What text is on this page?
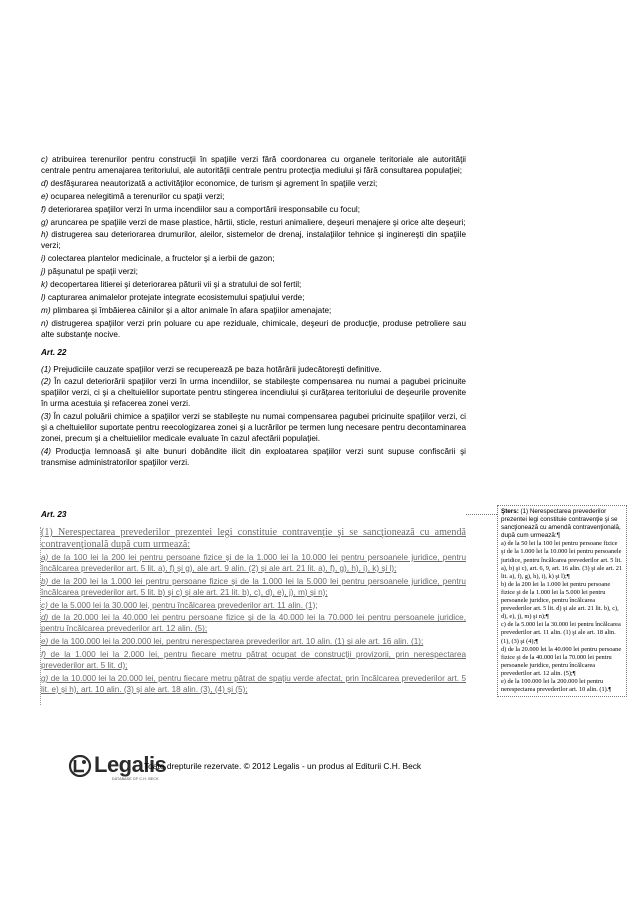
c) atribuirea terenurilor pentru construcţii în spaţiile verzi fără coordonarea cu organele teritoriale ale autorităţii centrale pentru amenajarea teritoriului, ale autorităţii centrale pentru protecţia mediului şi fără consultarea populaţiei;

d) desfăşurarea neautorizată a activităţilor economice, de turism şi agrement în spaţiile verzi;

e) ocuparea nelegitimă a terenurilor cu spaţii verzi;

f) deteriorarea spaţiilor verzi în urma incendiilor sau a comportării iresponsabile cu focul;

g) aruncarea pe spaţiile verzi de mase plastice, hârtii, sticle, resturi animaliere, deşeuri menajere şi orice alte deşeuri;

h) distrugerea sau deteriorarea drumurilor, aleilor, sistemelor de drenaj, instalaţiilor tehnice şi inginereşti din spaţiile verzi;

i) colectarea plantelor medicinale, a fructelor şi a ierbii de gazon;

j) păşunatul pe spaţii verzi;

k) decopertarea litierei şi deteriorarea păturii vii şi a stratului de sol fertil;

l) capturarea animalelor protejate integrate ecosistemului spaţiului verde;

m) plimbarea şi îmbăierea câinilor şi a altor animale în afara spaţiilor amenajate;

n) distrugerea spaţiilor verzi prin poluare cu ape reziduale, chimicale, deşeuri de producţie, produse petroliere sau alte substanţe nocive.

Art. 22

(1) Prejudiciile cauzate spaţiilor verzi se recuperează pe baza hotărârii judecătoreşti definitive.

(2) În cazul deteriorării spaţiilor verzi în urma incendiilor, se stabileşte compensarea nu numai a pagubei pricinuite spaţiilor verzi, ci şi a cheltuielilor suportate pentru stingerea incendiului şi curăţarea teritoriului de deşeurile provenite în urma acestuia şi refacerea zonei verzi.

(3) În cazul poluării chimice a spaţiilor verzi se stabileşte nu numai compensarea pagubei pricinuite spaţiilor verzi, ci şi a cheltuielilor suportate pentru reecologizarea zonei şi a lucrărilor pe termen lung necesare pentru decontaminarea zonei, precum şi a cheltuielilor medicale evaluate în cazul afectării populaţiei.

(4) Producţia lemnoasă şi alte bunuri dobândite ilicit din exploatarea spaţiilor verzi sunt supuse confiscării şi transmise administratorilor spaţiilor verzi.

Art. 23

(1) Nerespectarea prevederilor prezentei legi constituie contravenţie şi se sancţionează cu amendă contravenţională după cum urmează:

a) de la 100 lei la 200 lei pentru persoane fizice şi de la 1.000 lei la 10.000 lei pentru persoanele juridice, pentru încălcarea prevederilor art. 5 lit. a), f) şi g), ale art. 9 alin. (2) şi ale art. 21 lit. a), f), g), h), i), k) şi l);

b) de la 200 lei la 1.000 lei pentru persoane fizice şi de la 1.000 lei la 5.000 lei pentru persoanele juridice, pentru încălcarea prevederilor art. 5 lit. b) şi c) şi ale art. 21 lit. b), c), d), e), j), m) şi n);

c) de la 5.000 lei la 30.000 lei, pentru încălcarea prevederilor art. 11 alin. (1);

d) de la 20.000 lei la 40.000 lei pentru persoane fizice şi de la 40.000 lei la 70.000 lei pentru persoanele juridice, pentru încălcarea prevederilor art. 12 alin. (5);

e) de la 100.000 lei la 200.000 lei, pentru nerespectarea prevederilor art. 10 alin. (1) şi ale art. 16 alin. (1);

f) de la 1.000 lei la 2.000 lei, pentru fiecare metru pătrat ocupat de construcţii provizorii, prin nerespectarea prevederilor art. 5 lit. d);

g) de la 10.000 lei la 20.000 lei, pentru fiecare metru pătrat de spaţiu verde afectat, prin încălcarea prevederilor art. 5 lit. e) şi h), art. 10 alin. (3) şi ale art. 18 alin. (3), (4) şi (5);

Şters: (1) Nerespectarea prevederilor prezentei legi constituie contravenţie şi se sancţionează cu amendă contravenţională, după cum urmează:¶

a) de la 50 lei la 100 lei pentru persoane fizice şi de la 1.000 lei la 10.000 lei pentru persoanele juridice, pentru încălcarea prevederilor art. 5 lit. a), b) şi c), art. 6, 9, art. 16 alin. (3) şi ale art. 21 lit. a), f), g), h), i), k) şi l);¶

b) de la 200 lei la 1.000 lei pentru persoane fizice şi de la 1.000 lei la 5.000 lei pentru persoanele juridice, pentru încălcarea prevederilor art. 5 lit. d) şi ale art. 21 lit. b), c), d), e), j), m) şi n);¶

c) de la 5.000 lei la 30.000 lei pentru încălcarea prevederilor art. 11 alin. (1) şi ale art. 18 alin. (1), (3) şi (4);¶

d) de la 20.000 lei la 40.000 lei pentru persoane fizice şi de la 40.000 lei la 70.000 lei pentru persoanele juridice, pentru încălcarea prevederilor art. 12 alin. (5);¶

e) de la 100.000 lei la 200.000 lei pentru nerespectarea prevederilor art. 10 alin. (1).¶

Legalis
DATABASE OF C.H. BECK
Toate drepturile rezervate. © 2012 Legalis - un produs al Editurii C.H. Beck
